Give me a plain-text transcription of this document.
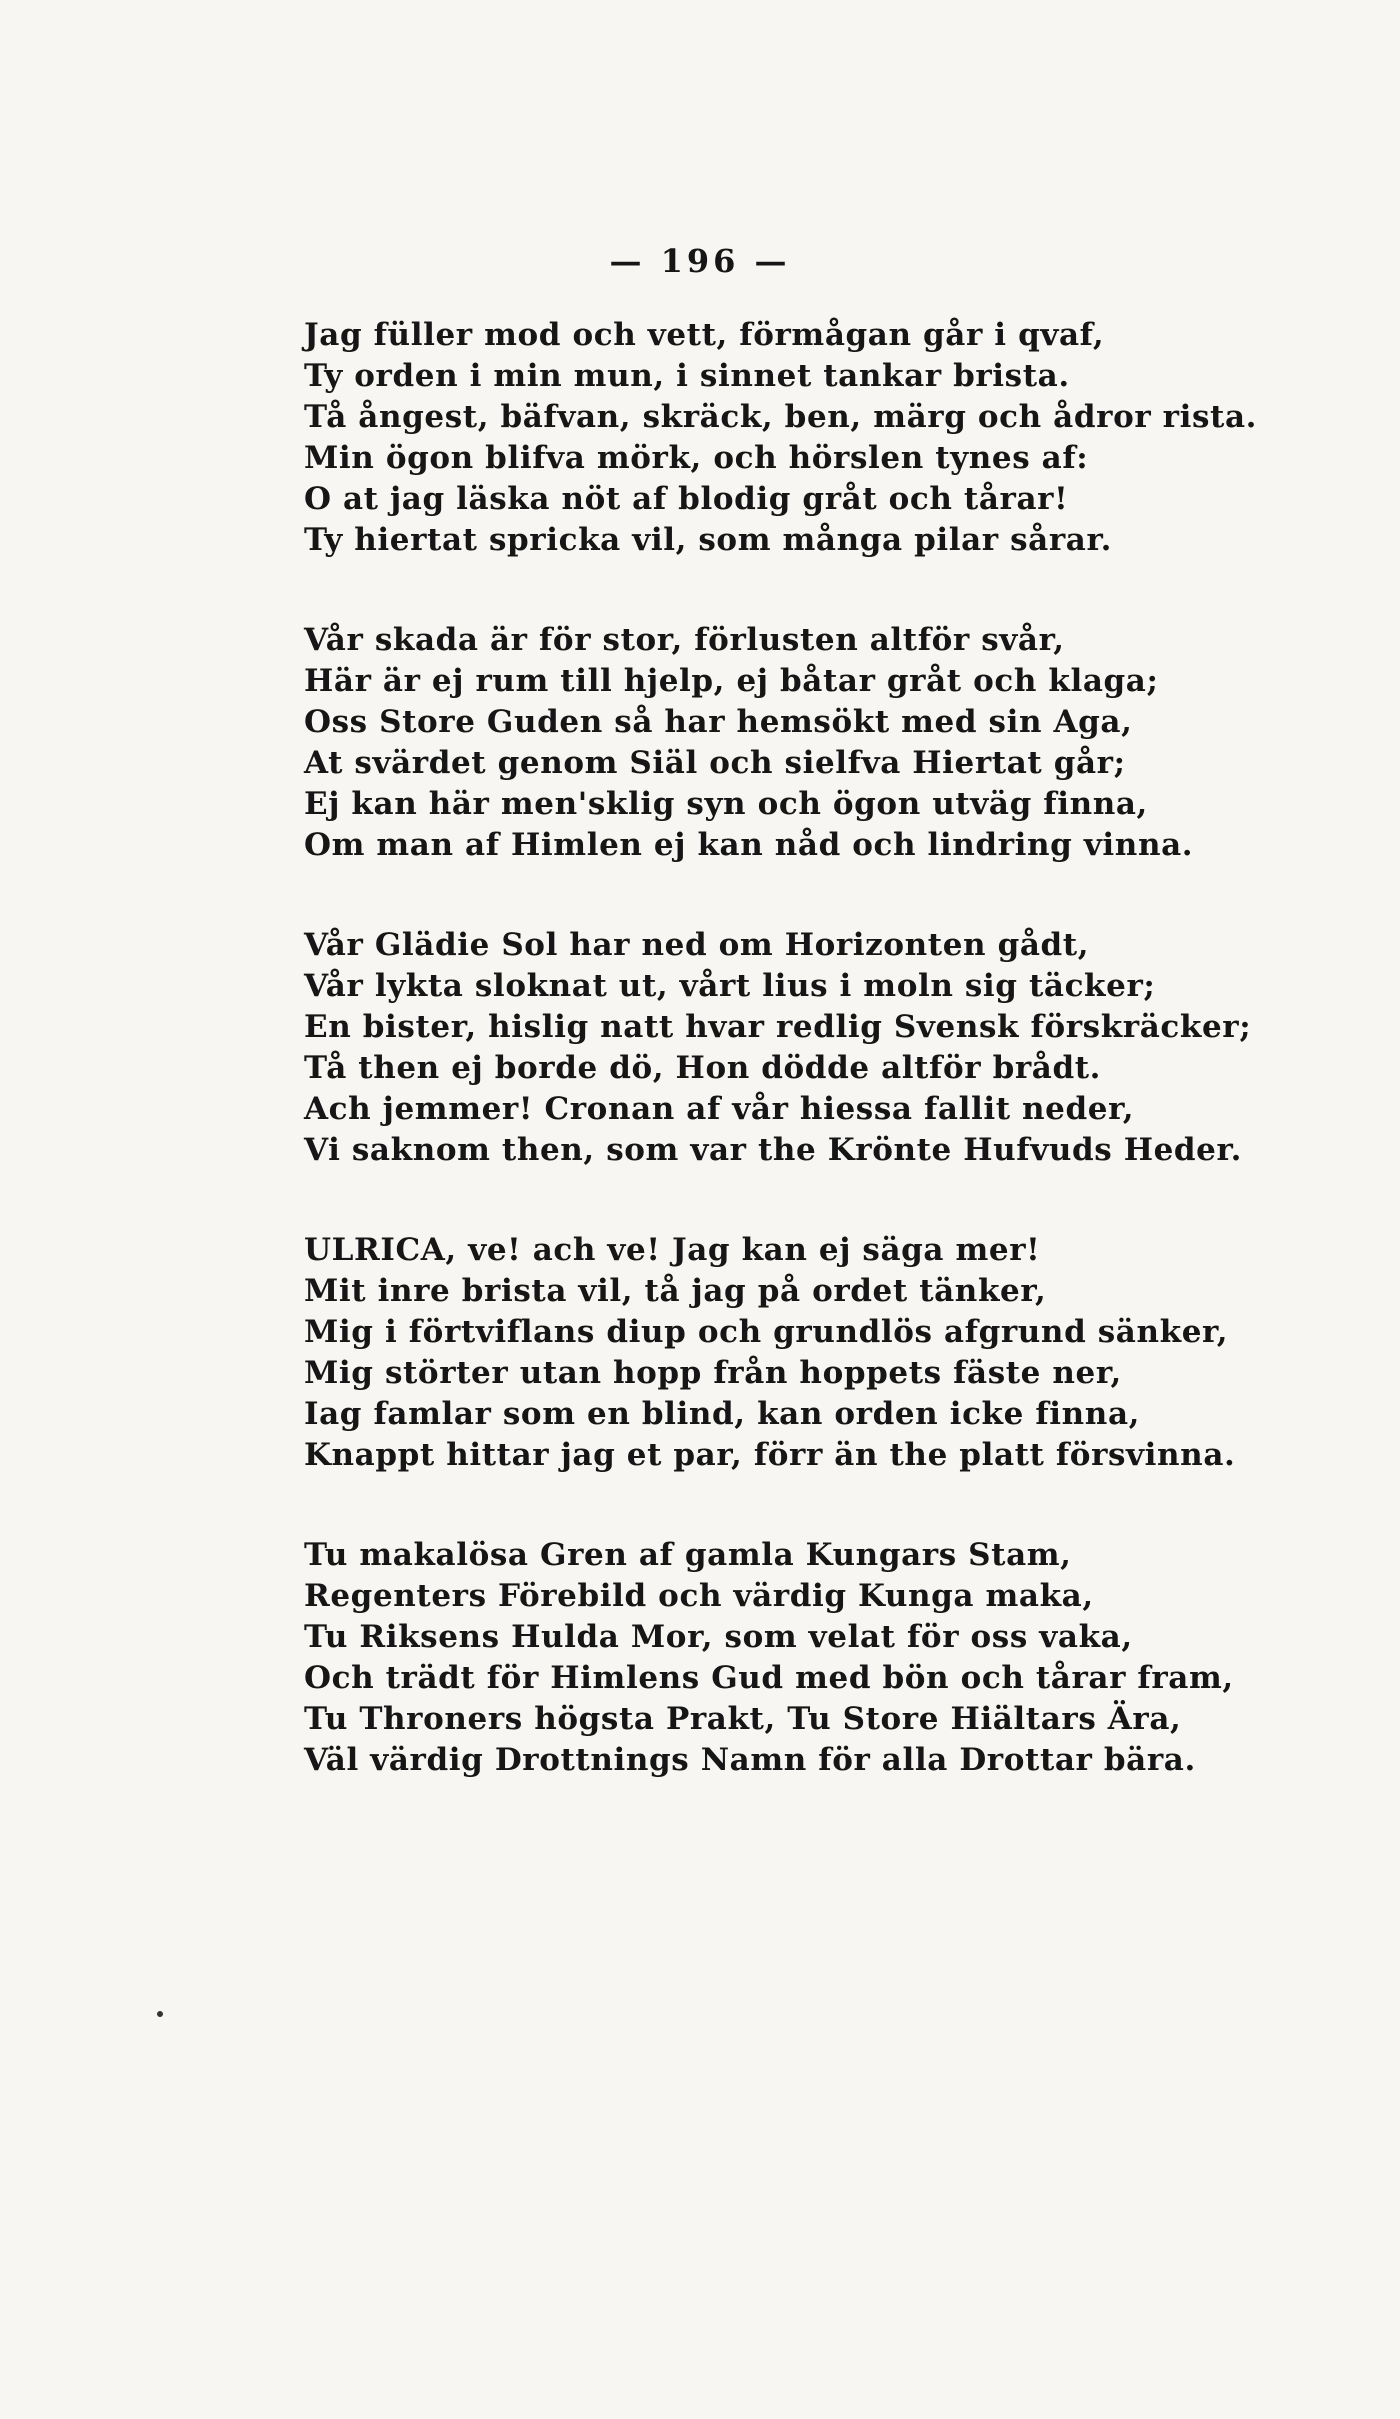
— 196 —
Jag füller mod och vett, förmågan går i qvaf,
Ty orden i min mun, i sinnet tankar brista.
Tå ångest, bäfvan, skräck, ben, märg och ådror rista.
Min ögon blifva mörk, och hörslen tynes af:
O at jag läska nöt af blodig gråt och tårar!
Ty hiertat spricka vil, som många pilar sårar.
Vår skada är för stor, förlusten altför svår,
Här är ej rum till hjelp, ej båtar gråt och klaga;
Oss Store Guden så har hemsökt med sin Aga,
At svärdet genom Siäl och sielfva Hiertat går;
Ej kan här men'sklig syn och ögon utväg finna,
Om man af Himlen ej kan nåd och lindring vinna.
Vår Glädie Sol har ned om Horizonten gådt,
Vår lykta sloknat ut, vårt lius i moln sig täcker;
En bister, hislig natt hvar redlig Svensk förskräcker;
Tå then ej borde dö, Hon dödde altför brådt.
Ach jemmer! Cronan af vår hiessa fallit neder,
Vi saknom then, som var the Krönte Hufvuds Heder.
ULRICA, ve! ach ve! Jag kan ej säga mer!
Mit inre brista vil, tå jag på ordet tänker,
Mig i förtviflans diup och grundlös afgrund sänker,
Mig störter utan hopp från hoppets fäste ner,
Iag famlar som en blind, kan orden icke finna,
Knappt hittar jag et par, förr än the platt försvinna.
Tu makalösa Gren af gamla Kungars Stam,
Regenters Förebild och värdig Kunga maka,
Tu Riksens Hulda Mor, som velat för oss vaka,
Och trädt för Himlens Gud med bön och tårar fram,
Tu Throners högsta Prakt, Tu Store Hiältars Ära,
Väl värdig Drottnings Namn för alla Drottar bära.
